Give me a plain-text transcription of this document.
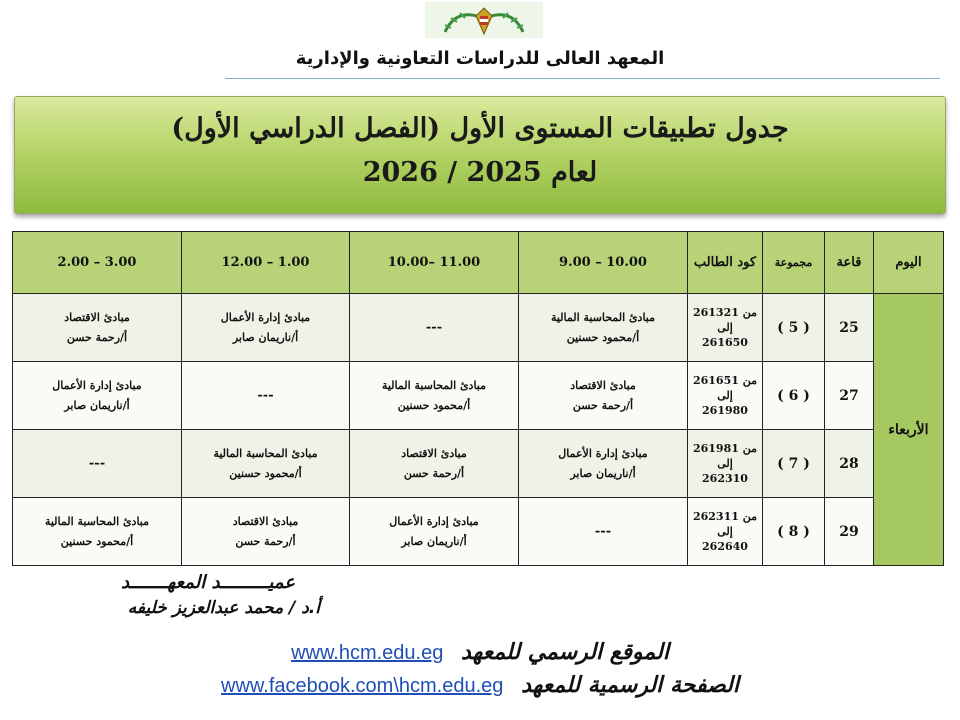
المعهد العالى للدراسات التعاونية والإدارية
جدول تطبيقات المستوى الأول (الفصل الدراسي الأول)
لعام 2025 / 2026
اليوم	قاعة	مجموعة	كود الطالب	9.00 – 10.00	10.00– 11.00	12.00 – 1.00	2.00 – 3.00
الأربعاء	25	( 5 )	من 261321
إلى
261650	مبادئ المحاسبة المالية
أ/محمود حسنين	---	مبادئ إدارة الأعمال
أ/ناريمان صابر	مبادئ الاقتصاد
أ/رحمة حسن

	27	( 6 )	من 261651
إلى
261980	مبادئ الاقتصاد
أ/رحمة حسن	مبادئ المحاسبة المالية
أ/محمود حسنين	---	مبادئ إدارة الأعمال
أ/ناريمان صابر

	28	( 7 )	من 261981
إلى
262310	مبادئ إدارة الأعمال
أ/ناريمان صابر	مبادئ الاقتصاد
أ/رحمة حسن	مبادئ المحاسبة المالية
أ/محمود حسنين	---
	29	( 8 )	من 262311
إلى
262640	---	مبادئ إدارة الأعمال
أ/ناريمان صابر	مبادئ الاقتصاد
أ/رحمة حسن	مبادئ المحاسبة المالية
أ/محمود حسنين
عميـــــــــد المعهـــــــد
أ.د / محمد عبدالعزيز خليفه
الموقع الرسمي للمعهد www.hcm.edu.eg
الصفحة الرسمية للمعهد www.facebook.com\hcm.edu.eg
